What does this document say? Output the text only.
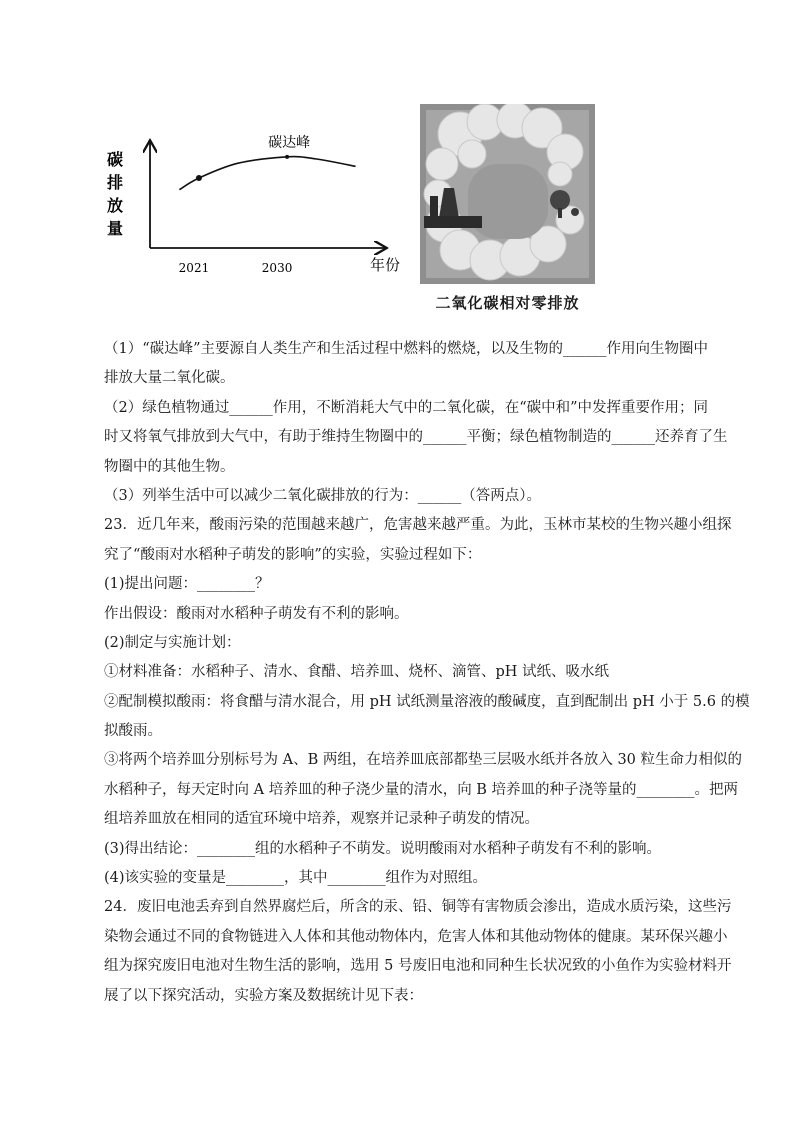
碳
排
放
量
年份
2021	2030
碳达峰
二氧化碳相对零排放
（1）“碳达峰”主要源自人类生产和生活过程中燃料的燃烧，以及生物的______作用向生物圈中
排放大量二氧化碳。
（2）绿色植物通过______作用，不断消耗大气中的二氧化碳，在“碳中和”中发挥重要作用；同
时又将氧气排放到大气中，有助于维持生物圈中的______平衡；绿色植物制造的______还养育了生
物圈中的其他生物。
（3）列举生活中可以减少二氧化碳排放的行为：______（答两点）。
23．近几年来，酸雨污染的范围越来越广，危害越来越严重。为此，玉林市某校的生物兴趣小组探
究了“酸雨对水稻种子萌发的影响”的实验，实验过程如下：
(1)提出问题：________？
作出假设：酸雨对水稻种子萌发有不利的影响。
(2)制定与实施计划：
①材料准备：水稻种子、清水、食醋、培养皿、烧杯、滴管、pH 试纸、吸水纸
②配制模拟酸雨：将食醋与清水混合，用 pH 试纸测量溶液的酸碱度，直到配制出 pH 小于 5.6 的模
拟酸雨。
③将两个培养皿分别标号为 A、B 两组，在培养皿底部都垫三层吸水纸并各放入 30 粒生命力相似的
水稻种子，每天定时向 A 培养皿的种子浇少量的清水，向 B 培养皿的种子浇等量的________。把两
组培养皿放在相同的适宜环境中培养，观察并记录种子萌发的情况。
(3)得出结论：________组的水稻种子不萌发。说明酸雨对水稻种子萌发有不利的影响。
(4)该实验的变量是________，其中________组作为对照组。
24．废旧电池丢弃到自然界腐烂后，所含的汞、铅、铜等有害物质会渗出，造成水质污染，这些污
染物会通过不同的食物链进入人体和其他动物体内，危害人体和其他动物体的健康。某环保兴趣小
组为探究废旧电池对生物生活的影响，选用 5 号废旧电池和同种生长状况致的小鱼作为实验材料开
展了以下探究活动，实验方案及数据统计见下表：
